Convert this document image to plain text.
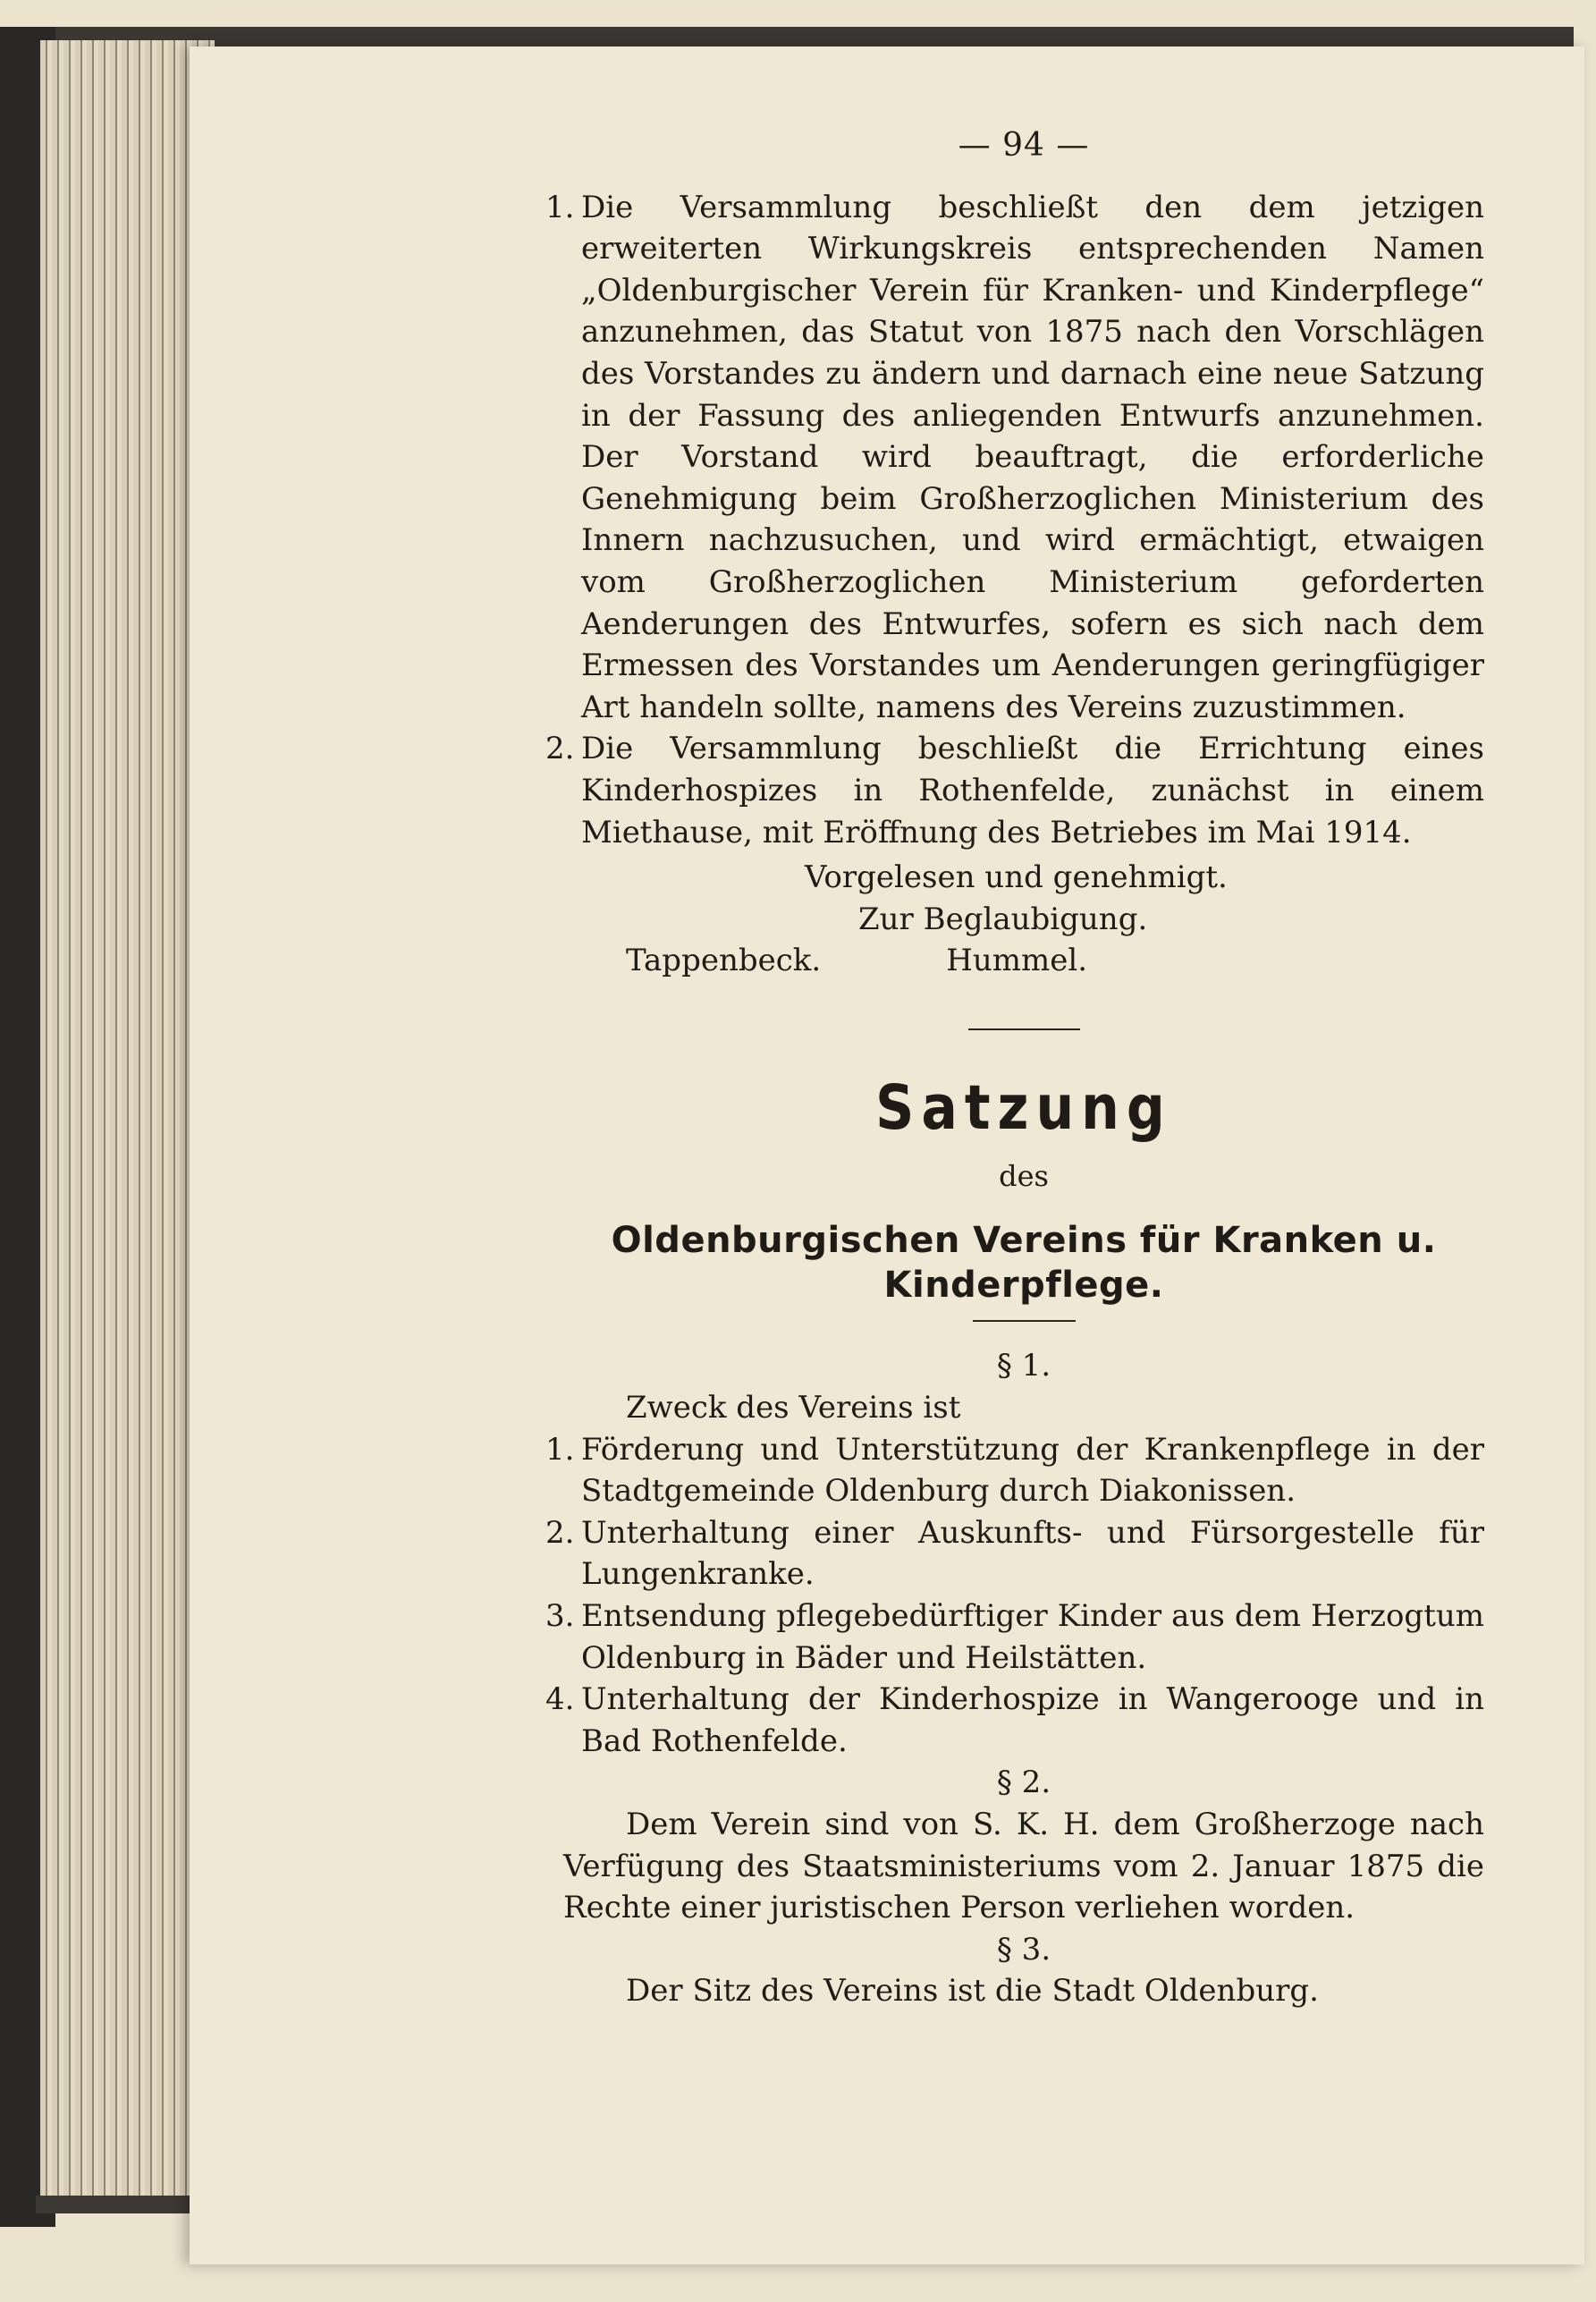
— 94 —
1. Die Versammlung beschließt den dem jetzigen erweiterten Wirkungskreis entsprechenden Namen „Oldenburgischer Verein für Kranken- und Kinderpflege“ anzunehmen, das Statut von 1875 nach den Vorschlägen des Vorstandes zu ändern und darnach eine neue Satzung in der Fassung des anliegenden Entwurfs anzunehmen. Der Vorstand wird beauftragt, die erforderliche Genehmigung beim Großherzoglichen Ministerium des Innern nachzusuchen, und wird ermächtigt, etwaigen vom Großherzoglichen Ministerium geforderten Aenderungen des Entwurfes, sofern es sich nach dem Ermessen des Vorstandes um Aenderungen geringfügiger Art handeln sollte, namens des Vereins zuzustimmen.
2. Die Versammlung beschließt die Errichtung eines Kinderhospizes in Rothenfelde, zunächst in einem Miethause, mit Eröffnung des Betriebes im Mai 1914.
Vorgelesen und genehmigt.
Zur Beglaubigung.
Tappenbeck.	Hummel.
Satzung
des
Oldenburgischen Vereins für Kranken u. Kinderpflege.
§ 1.
Zweck des Vereins ist
1. Förderung und Unterstützung der Krankenpflege in der Stadtgemeinde Oldenburg durch Diakonissen.
2. Unterhaltung einer Auskunfts- und Fürsorgestelle für Lungenkranke.
3. Entsendung pflegebedürftiger Kinder aus dem Herzogtum Oldenburg in Bäder und Heilstätten.
4. Unterhaltung der Kinderhospize in Wangerooge und in Bad Rothenfelde.
§ 2.
Dem Verein sind von S. K. H. dem Großherzoge nach Verfügung des Staatsministeriums vom 2. Januar 1875 die Rechte einer juristischen Person verliehen worden.
§ 3.
Der Sitz des Vereins ist die Stadt Oldenburg.
